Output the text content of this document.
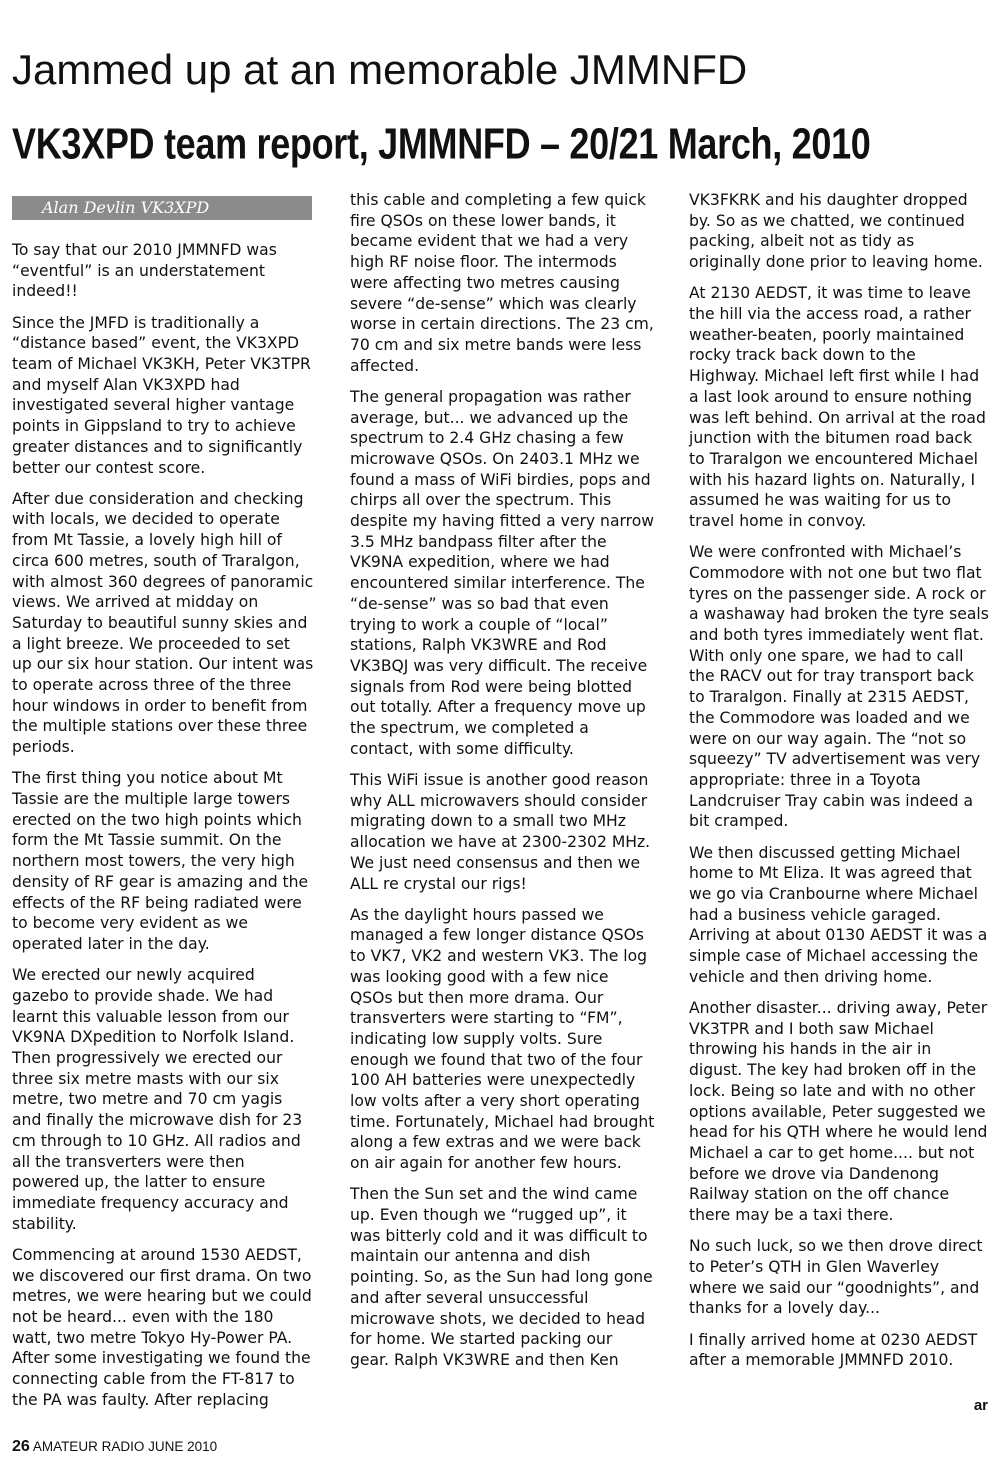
Jammed up at an memorable JMMNFD
VK3XPD team report, JMMNFD – 20/21 March, 2010
Alan Devlin VK3XPD

To say that our 2010 JMMNFD was “eventful” is an understatement indeed!!

Since the JMFD is traditionally a “distance based” event, the VK3XPD team of Michael VK3KH, Peter VK3TPR and myself Alan VK3XPD had investigated several higher vantage points in Gippsland to try to achieve greater distances and to significantly better our contest score.

After due consideration and checking with locals, we decided to operate from Mt Tassie, a lovely high hill of circa 600 metres, south of Traralgon, with almost 360 degrees of panoramic views. We arrived at midday on Saturday to beautiful sunny skies and a light breeze. We proceeded to set up our six hour station. Our intent was to operate across three of the three hour windows in order to benefit from the multiple stations over these three periods.

The first thing you notice about Mt Tassie are the multiple large towers erected on the two high points which form the Mt Tassie summit. On the northern most towers, the very high density of RF gear is amazing and the effects of the RF being radiated were to become very evident as we operated later in the day.

We erected our newly acquired gazebo to provide shade. We had learnt this valuable lesson from our VK9NA DXpedition to Norfolk Island. Then progressively we erected our three six metre masts with our six metre, two metre and 70 cm yagis and finally the microwave dish for 23 cm through to 10 GHz. All radios and all the transverters were then powered up, the latter to ensure immediate frequency accuracy and stability.

Commencing at around 1530 AEDST, we discovered our first drama. On two metres, we were hearing but we could not be heard... even with the 180 watt, two metre Tokyo Hy-Power PA. After some investigating we found the connecting cable from the FT-817 to the PA was faulty. After replacing

this cable and completing a few quick fire QSOs on these lower bands, it became evident that we had a very high RF noise floor. The intermods were affecting two metres causing severe “de-sense” which was clearly worse in certain directions. The 23 cm, 70 cm and six metre bands were less affected.

The general propagation was rather average, but... we advanced up the spectrum to 2.4 GHz chasing a few microwave QSOs. On 2403.1 MHz we found a mass of WiFi birdies, pops and chirps all over the spectrum. This despite my having fitted a very narrow 3.5 MHz bandpass filter after the VK9NA expedition, where we had encountered similar interference. The “de-sense” was so bad that even trying to work a couple of “local” stations, Ralph VK3WRE and Rod VK3BQJ was very difficult. The receive signals from Rod were being blotted out totally. After a frequency move up the spectrum, we completed a contact, with some difficulty.

This WiFi issue is another good reason why ALL microwavers should consider migrating down to a small two MHz allocation we have at 2300-2302 MHz. We just need consensus and then we ALL re crystal our rigs!

As the daylight hours passed we managed a few longer distance QSOs to VK7, VK2 and western VK3. The log was looking good with a few nice QSOs but then more drama. Our transverters were starting to “FM”, indicating low supply volts. Sure enough we found that two of the four 100 AH batteries were unexpectedly low volts after a very short operating time. Fortunately, Michael had brought along a few extras and we were back on air again for another few hours.

Then the Sun set and the wind came up. Even though we “rugged up”, it was bitterly cold and it was difficult to maintain our antenna and dish pointing. So, as the Sun had long gone and after several unsuccessful microwave shots, we decided to head for home. We started packing our gear. Ralph VK3WRE and then Ken

VK3FKRK and his daughter dropped by. So as we chatted, we continued packing, albeit not as tidy as originally done prior to leaving home.

At 2130 AEDST, it was time to leave the hill via the access road, a rather weather-beaten, poorly maintained rocky track back down to the Highway. Michael left first while I had a last look around to ensure nothing was left behind. On arrival at the road junction with the bitumen road back to Traralgon we encountered Michael with his hazard lights on. Naturally, I assumed he was waiting for us to travel home in convoy.

We were confronted with Michael’s Commodore with not one but two flat tyres on the passenger side. A rock or a washaway had broken the tyre seals and both tyres immediately went flat. With only one spare, we had to call the RACV out for tray transport back to Traralgon. Finally at 2315 AEDST, the Commodore was loaded and we were on our way again. The “not so squeezy” TV advertisement was very appropriate: three in a Toyota Landcruiser Tray cabin was indeed a bit cramped.

We then discussed getting Michael home to Mt Eliza. It was agreed that we go via Cranbourne where Michael had a business vehicle garaged. Arriving at about 0130 AEDST it was a simple case of Michael accessing the vehicle and then driving home.

Another disaster... driving away, Peter VK3TPR and I both saw Michael throwing his hands in the air in digust. The key had broken off in the lock. Being so late and with no other options available, Peter suggested we head for his QTH where he would lend Michael a car to get home.... but not before we drove via Dandenong Railway station on the off chance there may be a taxi there.

No such luck, so we then drove direct to Peter’s QTH in Glen Waverley where we said our “goodnights”, and thanks for a lovely day...

I finally arrived home at 0230 AEDST after a memorable JMMNFD 2010.

ar
26 AMATEUR RADIO JUNE 2010
